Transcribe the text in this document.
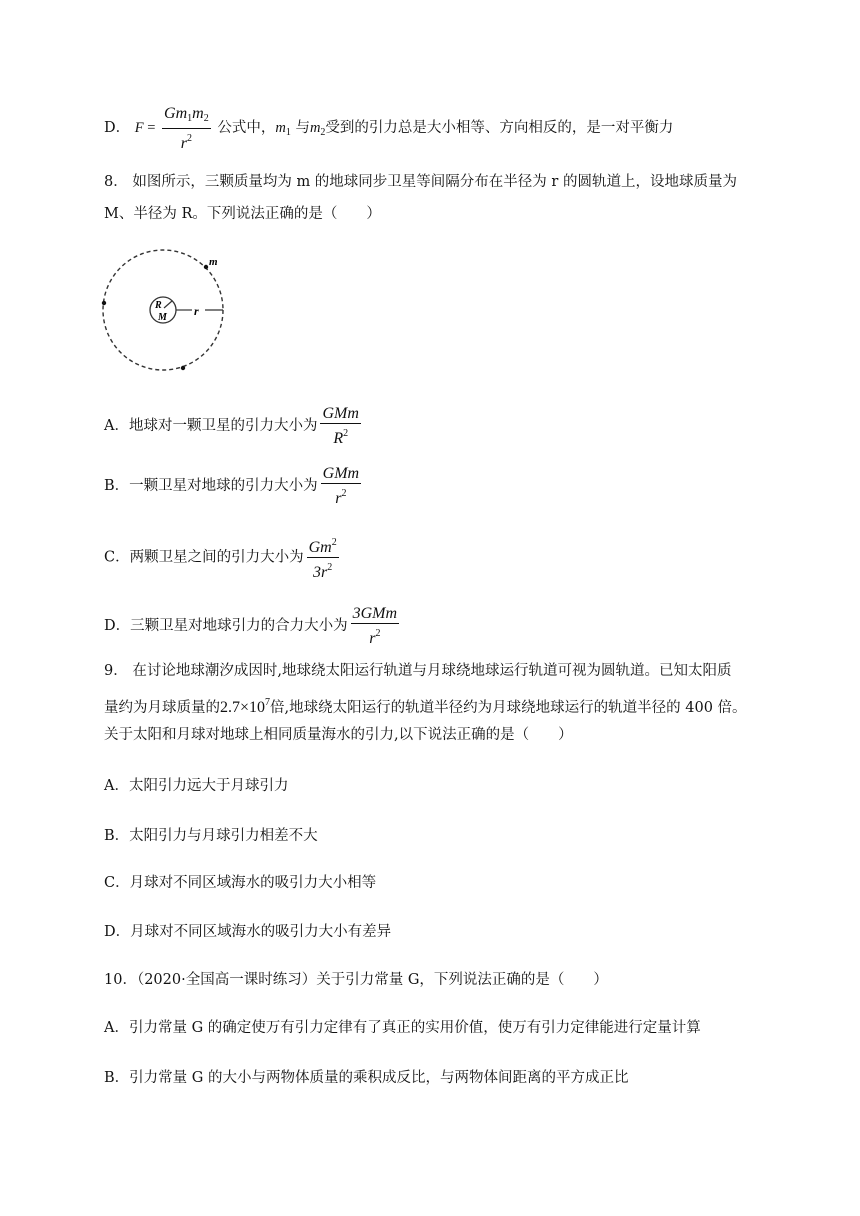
D． $F = \frac{Gm_1m_2}{r^2}$ 公式中，$m_1$ 与$m_2$受到的引力总是大小相等、方向相反的，是一对平衡力
8． 如图所示，三颗质量均为 m 的地球同步卫星等间隔分布在半径为 r 的圆轨道上，设地球质量为
M、半径为 R。下列说法正确的是（　　）
m
R
M r
A．地球对一颗卫星的引力大小为 $\frac{\text{GMm}}{R^2}$
B．一颗卫星对地球的引力大小为 $\frac{\text{GMm}}{r^2}$
C．两颗卫星之间的引力大小为 $\frac{Gm^2}{3r^2}$
D．三颗卫星对地球引力的合力大小为 $\frac{\text{3GMm}}{r^2}$
9． 在讨论地球潮汐成因时,地球绕太阳运行轨道与月球绕地球运行轨道可视为圆轨道。已知太阳质
量约为月球质量的$2.7\times 10^7$倍,地球绕太阳运行的轨道半径约为月球绕地球运行的轨道半径的 400 倍。
关于太阳和月球对地球上相同质量海水的引力,以下说法正确的是（　　）
A．太阳引力远大于月球引力
B．太阳引力与月球引力相差不大
C．月球对不同区域海水的吸引力大小相等
D．月球对不同区域海水的吸引力大小有差异
10．（2020·全国高一课时练习）关于引力常量 G，下列说法正确的是（　　）
A．引力常量 G 的确定使万有引力定律有了真正的实用价值，使万有引力定律能进行定量计算
B．引力常量 G 的大小与两物体质量的乘积成反比，与两物体间距离的平方成正比
